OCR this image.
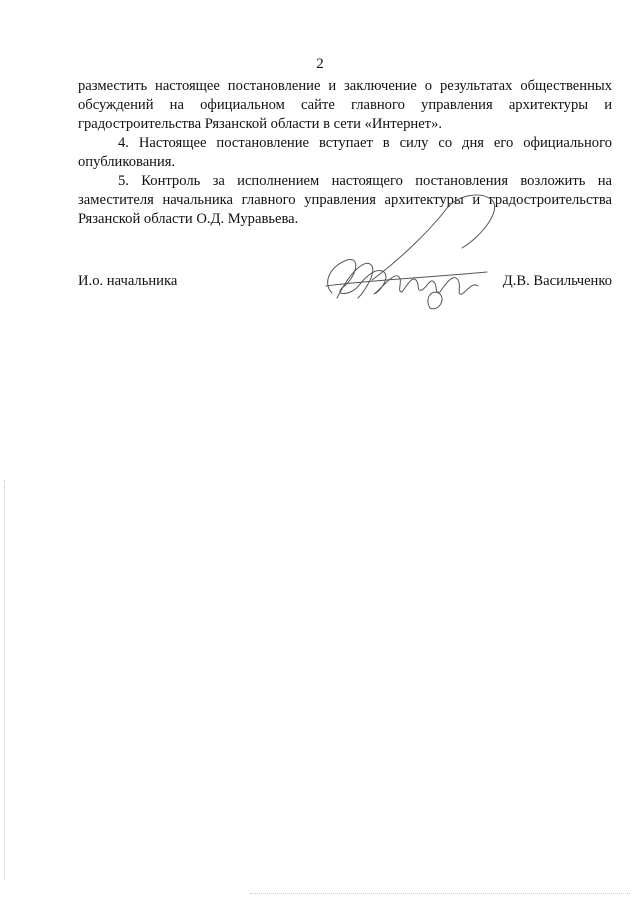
2

разместить настоящее постановление и заключение о результатах общественных обсуждений на официальном сайте главного управления архитектуры и градостроительства Рязанской области в сети «Интернет».

4. Настоящее постановление вступает в силу со дня его официального опубликования.

5. Контроль за исполнением настоящего постановления возложить на заместителя начальника главного управления архитектуры и градостроительства Рязанской области О.Д. Муравьева.

И.о. начальника	Д.В. Васильченко
